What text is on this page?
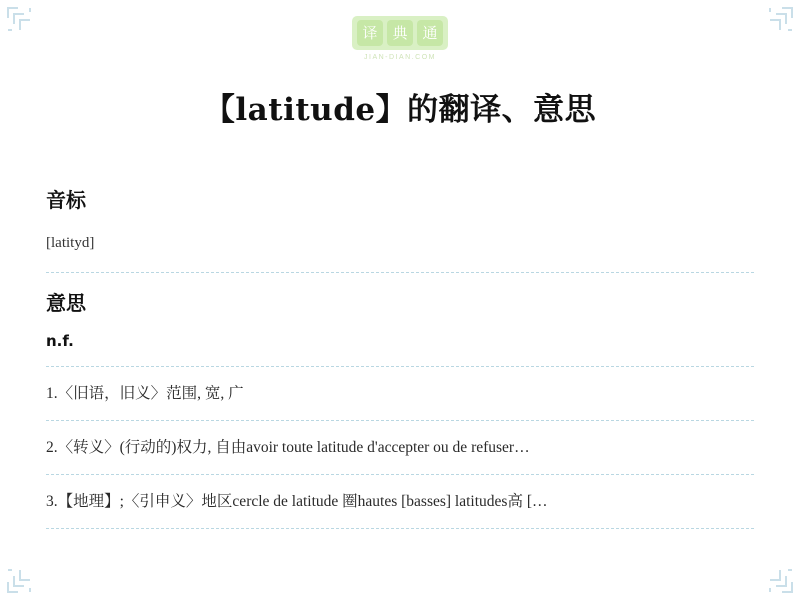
译 典 通
JIAN-DIAN.COM
【latitude】的翻译、意思
音标
[latityd]
意思
n.f.
1.〈旧语，旧义〉范围, 宽, 广
2.〈转义〉(行动的)权力, 自由avoir toute latitude d'accepter ou de refuser…
3.【地理】;〈引申义〉地区cercle de latitude 圈hautes [basses] latitudes高 […
